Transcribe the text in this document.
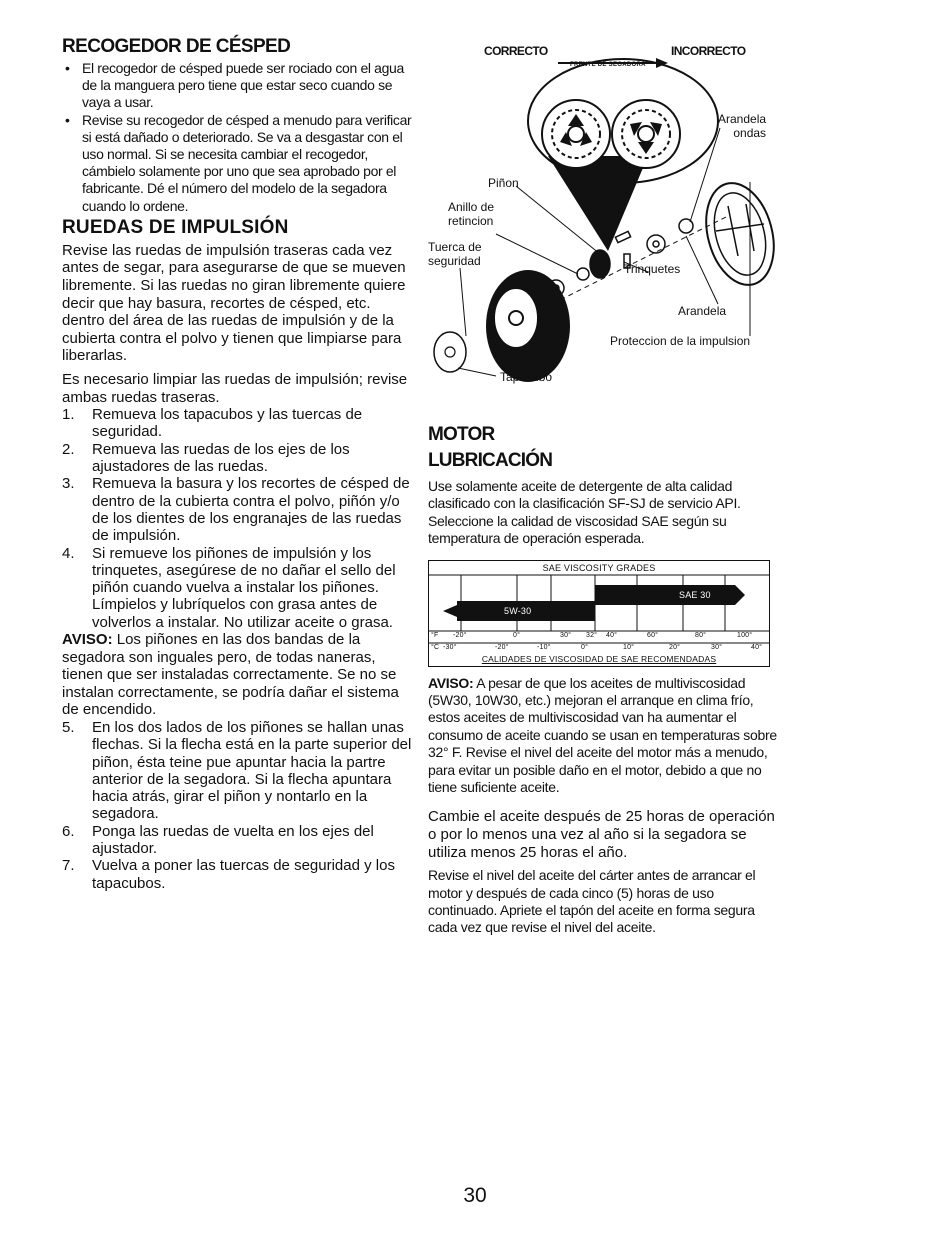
RECOGEDOR DE CÉSPED
• El recogedor de césped puede ser rociado con el agua de la manguera pero tiene que estar seco cuando se vaya a usar.
• Revise su recogedor de césped a menudo para verificar si está dañado o deteriorado. Se va a desgastar con el uso normal. Si se necesita cambiar el recogedor, cámbielo solamente por uno que sea aprobado por el fabricante. Dé el número del modelo de la segadora cuando lo ordene.
RUEDAS DE IMPULSIÓN

Revise las ruedas de impulsión traseras cada vez antes de segar, para asegurarse de que se mueven libremente. Si las ruedas no giran libremente quiere decir que hay basura, recortes de césped, etc. dentro del área de las ruedas de impulsión y de la cubierta contra el polvo y tienen que limpiarse para liberarlas.

Es necesario limpiar las ruedas de impulsión; revise ambas ruedas traseras.

1. Remueva los tapacubos y las tuercas de seguridad.
2. Remueva las ruedas de los ejes de los ajustadores de las ruedas.
3. Remueva la basura y los recortes de césped de dentro de la cubierta contra el polvo, piñón y/o de los dientes de los engranajes de las ruedas de impulsión.
4. Si remueve los piñones de impulsión y los trinquetes, asegúrese de no dañar el sello del piñón cuando vuelva a instalar los piñones. Límpielos y lubríquelos con grasa antes de volverlos a instalar. No utilizar aceite o grasa.

AVISO: Los piñones en las dos bandas de la segadora son inguales pero, de todas naneras, tienen que ser instaladas correctamente. Se no se instalan correctamente, se podría dañar el sistema de encendido.

5. En los dos lados de los piñones se hallan unas flechas. Si la flecha está en la parte superior del piñon, ésta teine pue apuntar hacia la partre anterior de la segadora. Si la flecha apuntara hacia atrás, girar el piñon y nontarlo en la segadora.
6. Ponga las ruedas de vuelta en los ejes del ajustador.
7. Vuelva a poner las tuercas de seguridad y los tapacubos.
CORRECTO	INCORRECTO
FRENTE DE SEGADORA
Piñon
Anillo de
retincion
Tuerca de
seguridad
Trinquetes
Arandela
ondas
Arandela
Proteccion de la impulsion
Tapacubo
MOTOR
LUBRICACIÓN

Use solamente aceite de detergente de alta calidad clasificado con la clasificación SF-SJ de servicio API. Seleccione la calidad de viscosidad SAE según su temperatura de operación esperada.

SAE VISCOSITY GRADES
5W-30
SAE 30
°F -20°	0°	30° 32° 40°	60°	80°	100°
°C -30°	-20°	-10°	0°	10°	20°	30°	40°
CALIDADES DE VISCOSIDAD DE SAE RECOMENDADAS

AVISO: A pesar de que los aceites de multiviscosidad (5W30, 10W30, etc.) mejoran el arranque en clima frío, estos aceites de multiviscosidad van ha aumentar el consumo de aceite cuando se usan en temperaturas sobre 32° F. Revise el nivel del aceite del motor más a menudo, para evitar un posible daño en el motor, debido a que no tiene suficiente aceite.

Cambie el aceite después de 25 horas de operación o por lo menos una vez al año si la segadora se utiliza menos 25 horas el año.

Revise el nivel del aceite del cárter antes de arrancar el motor y después de cada cinco (5) horas de uso continuado. Apriete el tapón del aceite en forma segura cada vez que revise el nivel del aceite.

30
